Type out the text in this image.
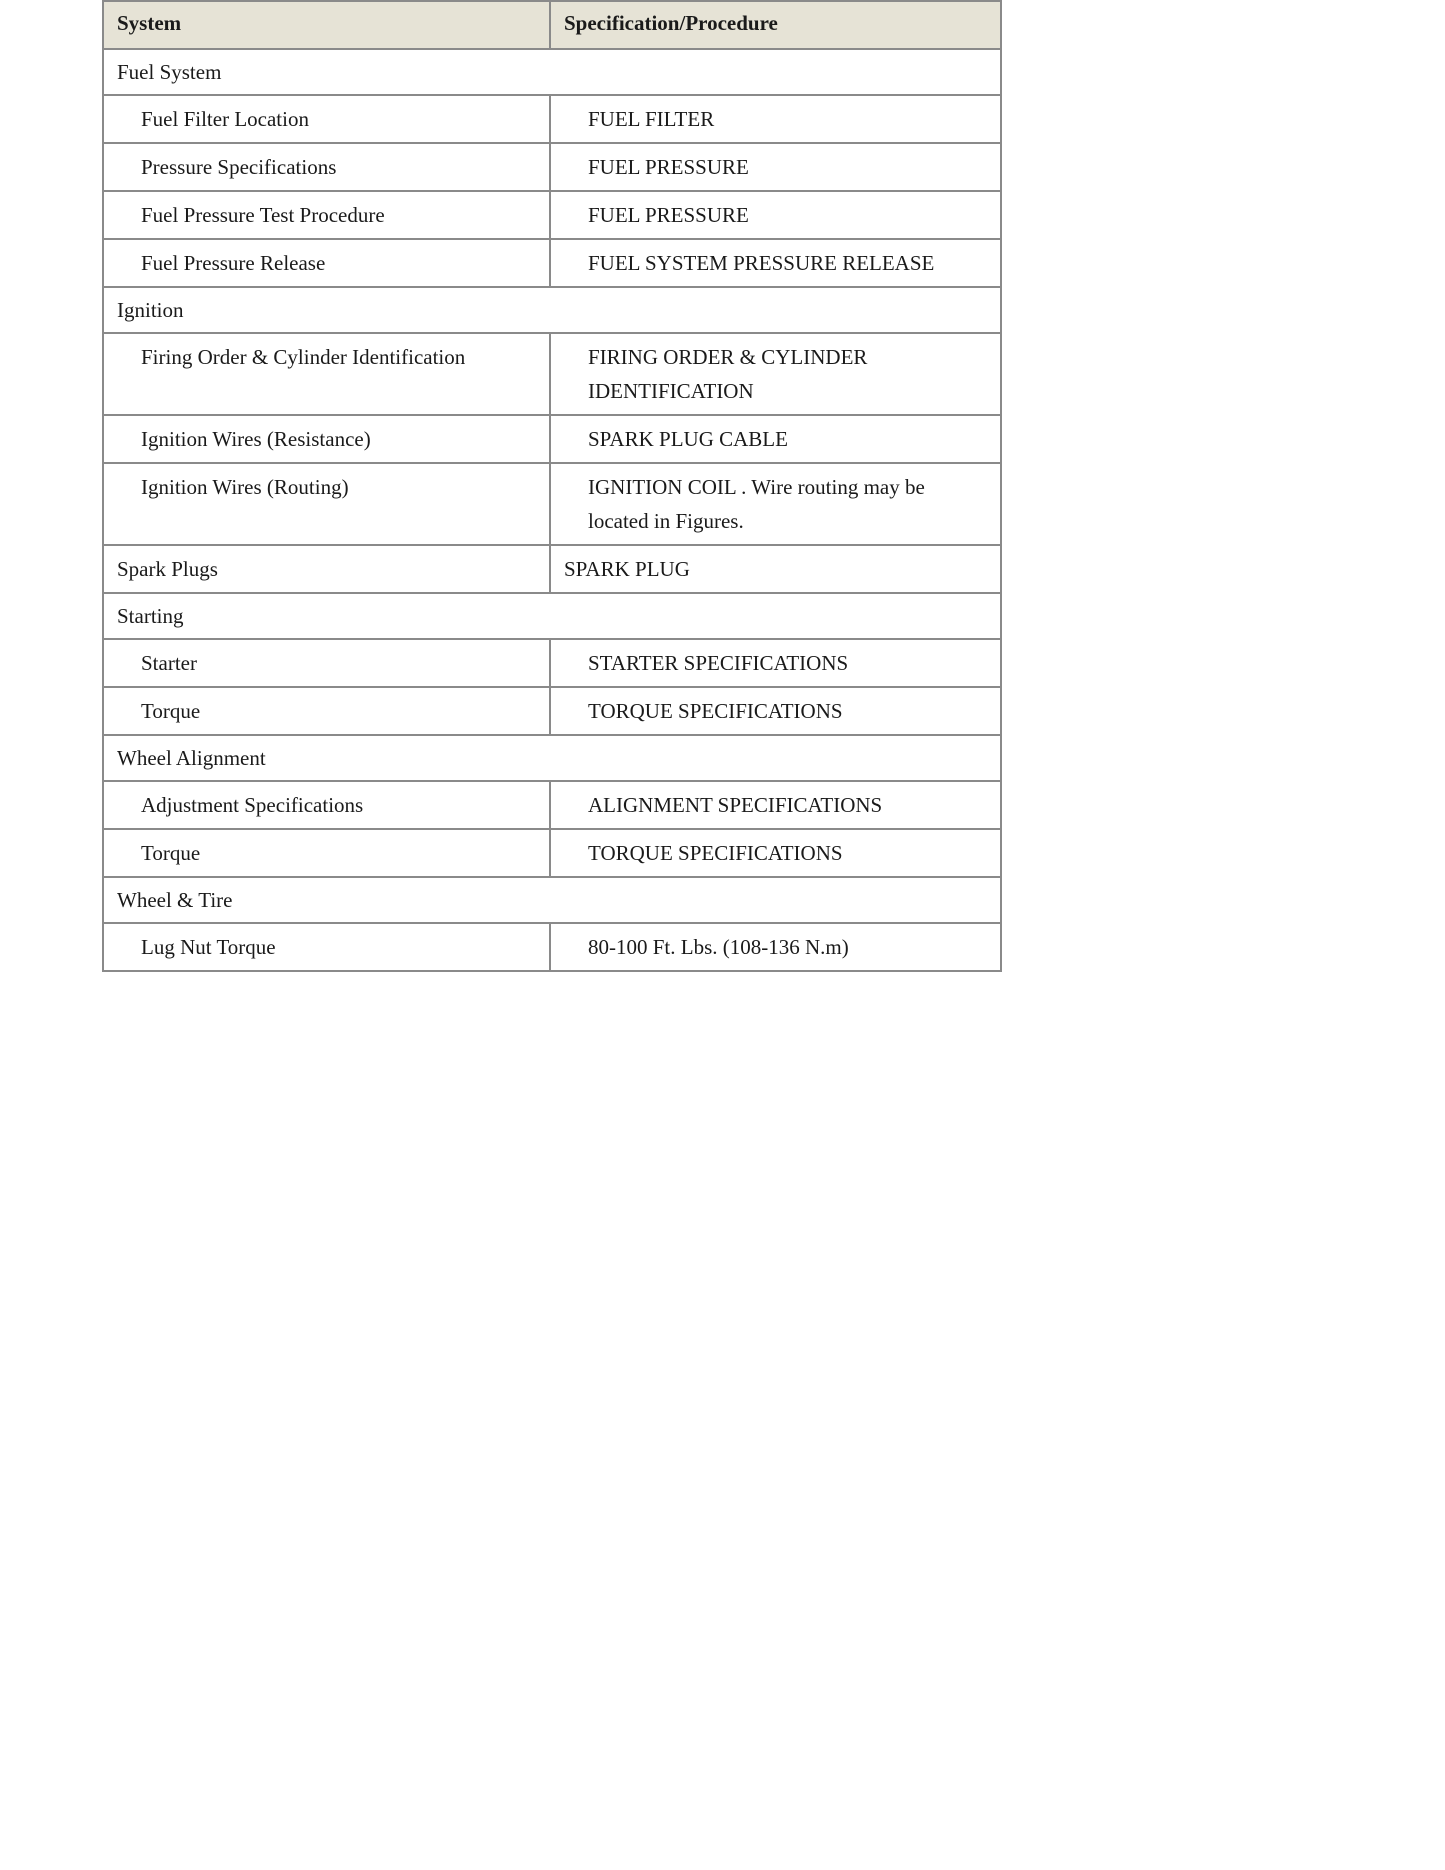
System	Specification/Procedure
Fuel System	
Fuel Filter Location	FUEL FILTER
Pressure Specifications	FUEL PRESSURE
Fuel Pressure Test Procedure	FUEL PRESSURE
Fuel Pressure Release	FUEL SYSTEM PRESSURE RELEASE
Ignition	
Firing Order & Cylinder Identification	FIRING ORDER & CYLINDER IDENTIFICATION
Ignition Wires (Resistance)	SPARK PLUG CABLE
Ignition Wires (Routing)	IGNITION COIL . Wire routing may be located in Figures.
Spark Plugs	SPARK PLUG
Starting	
Starter	STARTER SPECIFICATIONS
Torque	TORQUE SPECIFICATIONS
Wheel Alignment	
Adjustment Specifications	ALIGNMENT SPECIFICATIONS
Torque	TORQUE SPECIFICATIONS
Wheel & Tire	
Lug Nut Torque	80-100 Ft. Lbs. (108-136 N.m)
